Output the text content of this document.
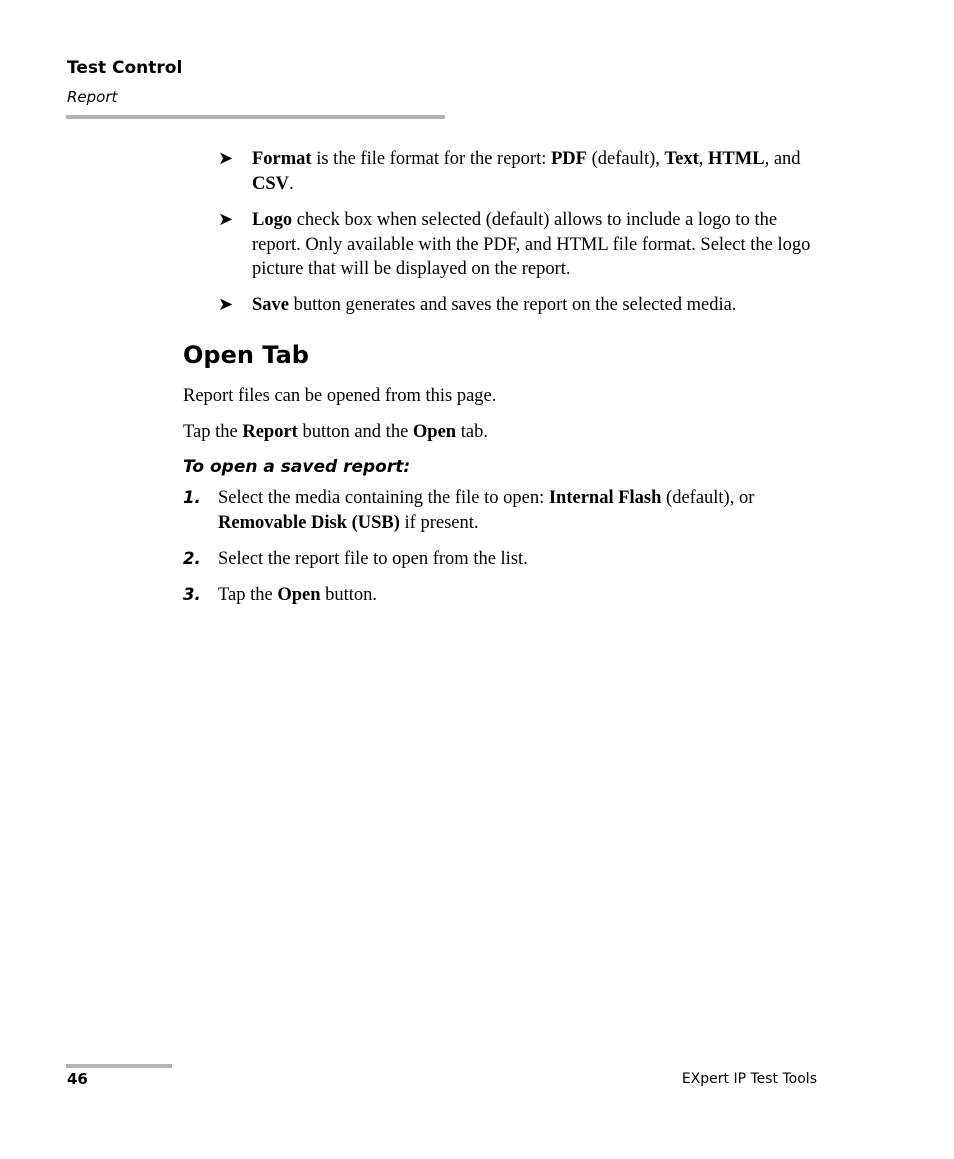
Test Control
Report
➤ Format is the file format for the report: PDF (default), Text, HTML, and CSV.
➤ Logo check box when selected (default) allows to include a logo to the report. Only available with the PDF, and HTML file format. Select the logo picture that will be displayed on the report.
➤ Save button generates and saves the report on the selected media.
Open Tab
Report files can be opened from this page.
Tap the Report button and the Open tab.
To open a saved report:
1. Select the media containing the file to open: Internal Flash (default), or Removable Disk (USB) if present.
2. Select the report file to open from the list.
3. Tap the Open button.
46	EXpert IP Test Tools
